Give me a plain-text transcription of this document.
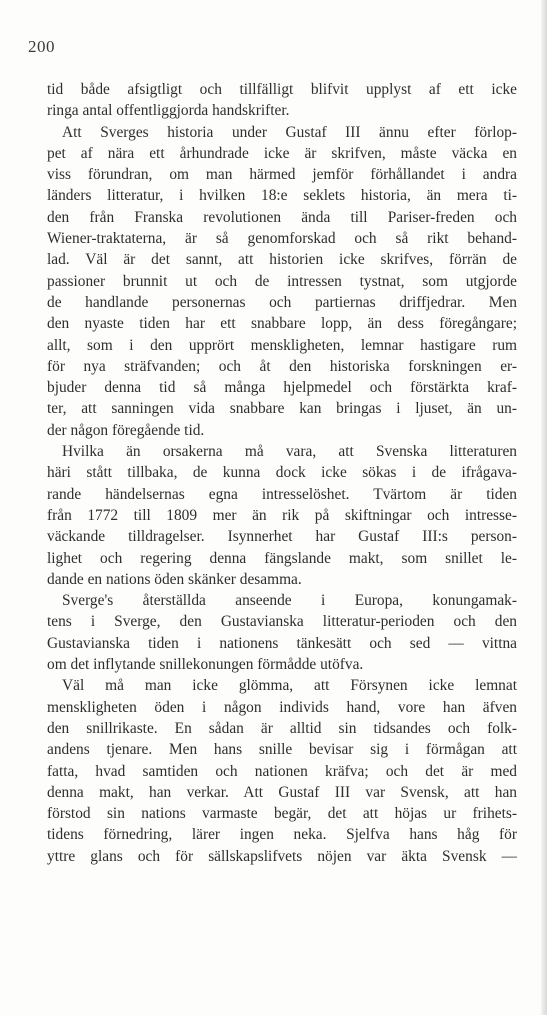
200
tid både afsigtligt och tillfälligt blifvit upplyst af ett icke
ringa antal offentliggjorda handskrifter.
Att Sverges historia under Gustaf III ännu efter förlop-
pet af nära ett århundrade icke är skrifven, måste väcka en
viss förundran, om man härmed jemför förhållandet i andra
länders litteratur, i hvilken 18:e seklets historia, än mera ti-
den från Franska revolutionen ända till Pariser-freden och
Wiener-traktaterna, är så genomforskad och så rikt behand-
lad. Väl är det sannt, att historien icke skrifves, förrän de
passioner brunnit ut och de intressen tystnat, som utgjorde
de handlande personernas och partiernas driffjedrar. Men
den nyaste tiden har ett snabbare lopp, än dess föregångare;
allt, som i den upprört menskligheten, lemnar hastigare rum
för nya sträfvanden; och åt den historiska forskningen er-
bjuder denna tid så många hjelpmedel och förstärkta kraf-
ter, att sanningen vida snabbare kan bringas i ljuset, än un-
der någon föregående tid.
Hvilka än orsakerna må vara, att Svenska litteraturen
häri stått tillbaka, de kunna dock icke sökas i de ifrågava-
rande händelsernas egna intresselöshet. Tvärtom är tiden
från 1772 till 1809 mer än rik på skiftningar och intresse-
väckande tilldragelser. Isynnerhet har Gustaf III:s person-
lighet och regering denna fängslande makt, som snillet le-
dande en nations öden skänker desamma.
Sverge's återställda anseende i Europa, konungamak-
tens i Sverge, den Gustavianska litteratur-perioden och den
Gustavianska tiden i nationens tänkesätt och sed — vittna
om det inflytande snillekonungen förmådde utöfva.
Väl må man icke glömma, att Försynen icke lemnat
menskligheten öden i någon individs hand, vore han äfven
den snillrikaste. En sådan är alltid sin tidsandes och folk-
andens tjenare. Men hans snille bevisar sig i förmågan att
fatta, hvad samtiden och nationen kräfva; och det är med
denna makt, han verkar. Att Gustaf III var Svensk, att han
förstod sin nations varmaste begär, det att höjas ur frihets-
tidens förnedring, lärer ingen neka. Sjelfva hans håg för
yttre glans och för sällskapslifvets nöjen var äkta Svensk —
